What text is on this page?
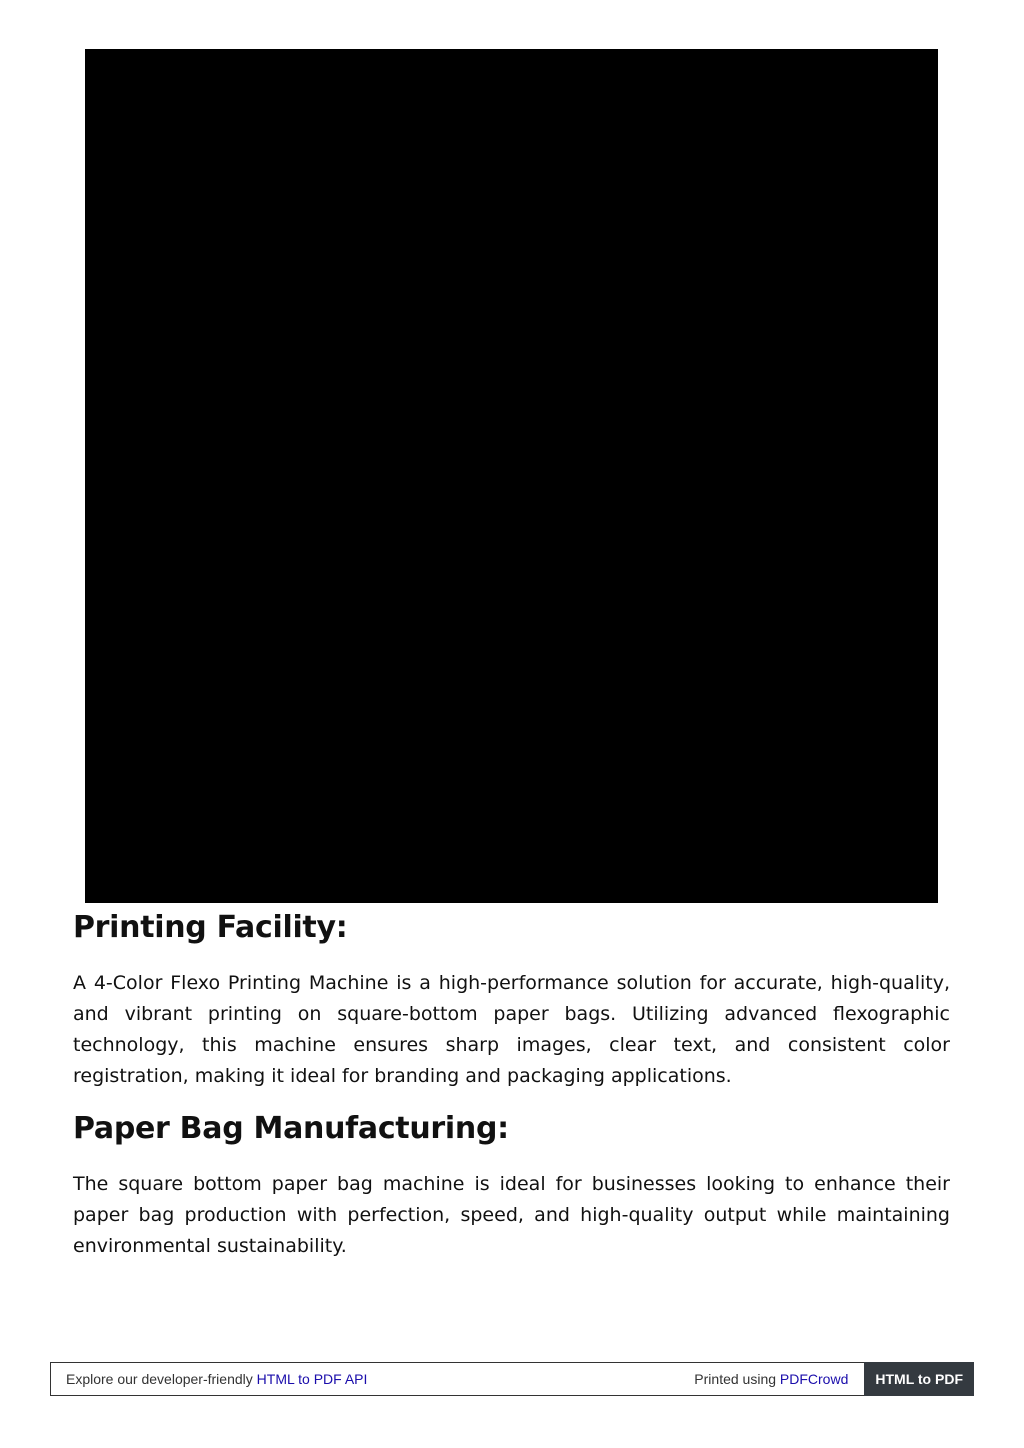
Printing Facility:

A 4-Color Flexo Printing Machine is a high-performance solution for accurate, high-quality, and vibrant printing on square-bottom paper bags. Utilizing advanced flexographic technology, this machine ensures sharp images, clear text, and consistent color registration, making it ideal for branding and packaging applications.

Paper Bag Manufacturing:

The square bottom paper bag machine is ideal for businesses looking to enhance their paper bag production with perfection, speed, and high-quality output while maintaining environmental sustainability.

Explore our developer-friendly HTML to PDF API	Printed using PDFCrowd	HTML to PDF
